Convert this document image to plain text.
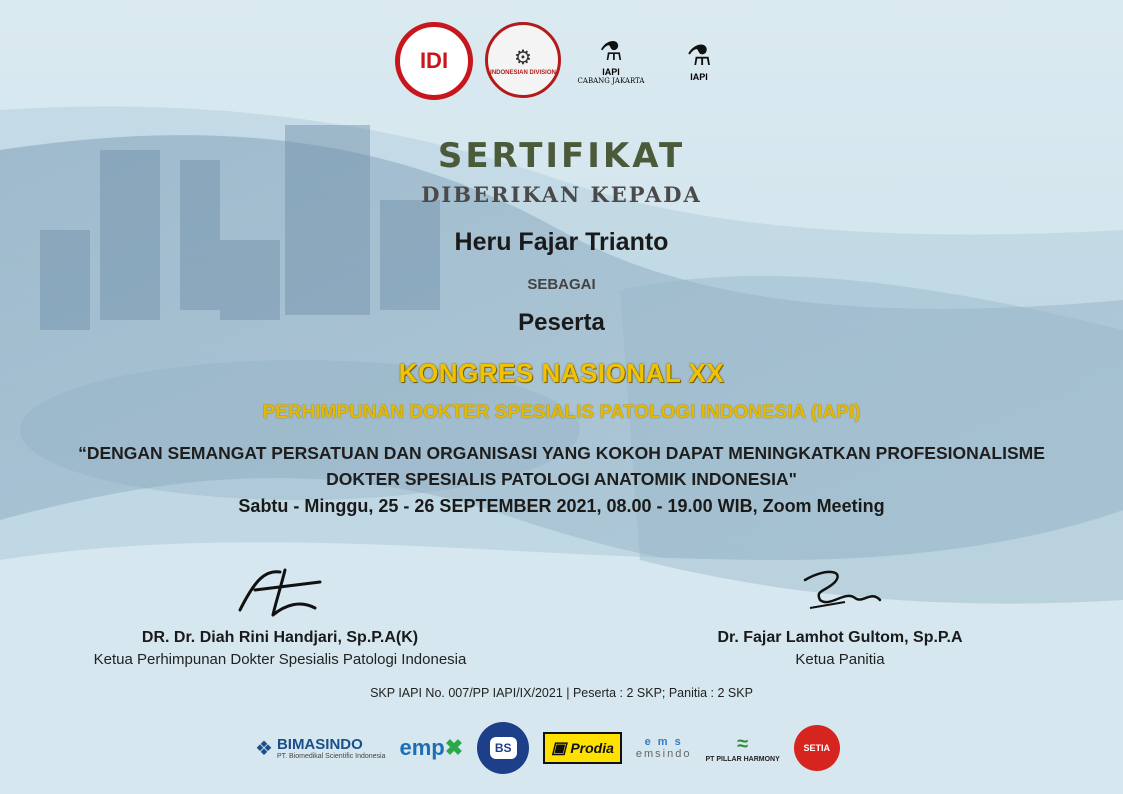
IDI	⚙
INDONESIAN DIVISION
⚗
IAPI
CABANG JAKARTA
⚗
IAPI
SERTIFIKAT
DIBERIKAN KEPADA
Heru Fajar Trianto
SEBAGAI
Peserta
KONGRES NASIONAL XX
PERHIMPUNAN DOKTER SPESIALIS PATOLOGI INDONESIA (IAPI)
“DENGAN SEMANGAT PERSATUAN DAN ORGANISASI YANG KOKOH DAPAT MENINGKATKAN PROFESIONALISME
DOKTER SPESIALIS PATOLOGI ANATOMIK INDONESIA"
Sabtu - Minggu, 25 - 26 SEPTEMBER 2021, 08.00 - 19.00 WIB, Zoom Meeting
DR. Dr. Diah Rini Handjari, Sp.P.A(K)
Ketua Perhimpunan Dokter Spesialis Patologi Indonesia
Dr. Fajar Lamhot Gultom, Sp.P.A
Ketua Panitia
SKP IAPI No. 007/PP IAPI/IX/2021 | Peserta : 2 SKP; Panitia : 2 SKP
❖ BIMASINDO
PT. Biomedikal Scientific Indonesia emp✖	BS	▣ Prodia	e m s
emsindo	≈
PT PILLAR HARMONY
SETIA
